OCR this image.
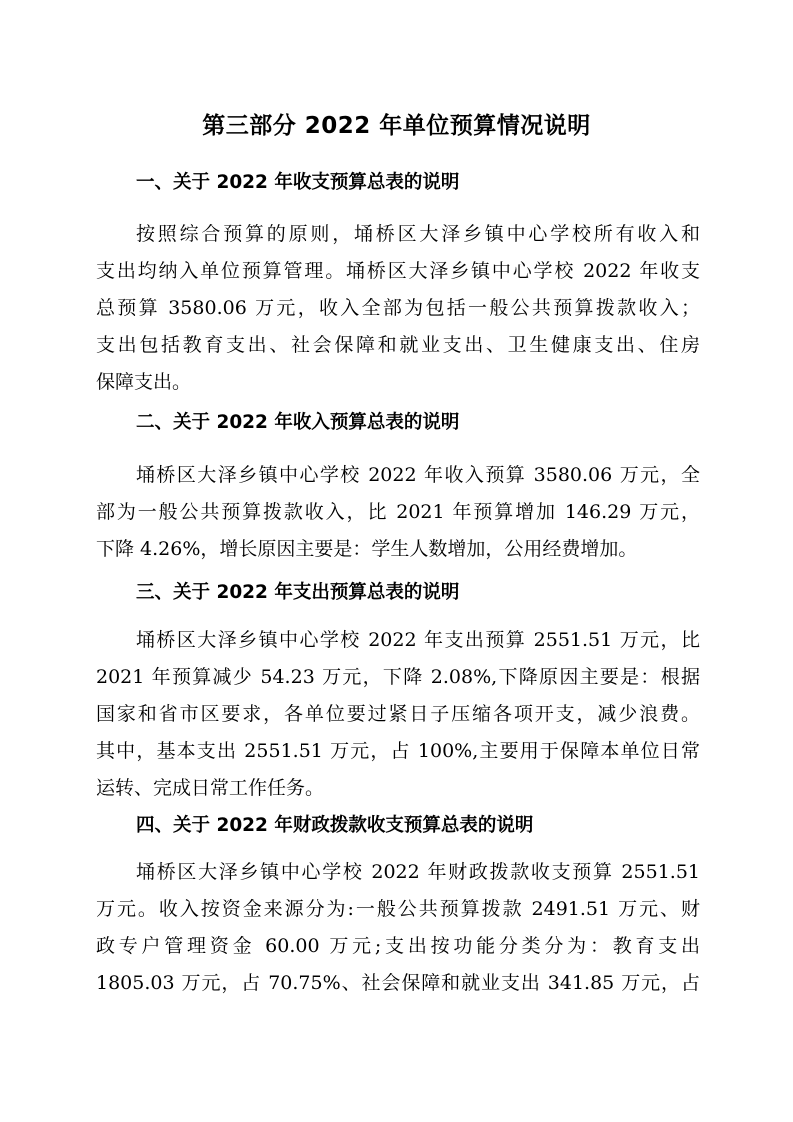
第三部分 2022 年单位预算情况说明
一、关于 2022 年收支预算总表的说明
按照综合预算的原则，埇桥区大泽乡镇中心学校所有收入和
支出均纳入单位预算管理。埇桥区大泽乡镇中心学校 2022 年收支
总预算 3580.06 万元，收入全部为包括一般公共预算拨款收入；
支出包括教育支出、社会保障和就业支出、卫生健康支出、住房
保障支出。
二、关于 2022 年收入预算总表的说明
埇桥区大泽乡镇中心学校 2022 年收入预算 3580.06 万元，全
部为一般公共预算拨款收入，比 2021 年预算增加 146.29 万元，
下降 4.26%，增长原因主要是：学生人数增加，公用经费增加。
三、关于 2022 年支出预算总表的说明
埇桥区大泽乡镇中心学校 2022 年支出预算 2551.51 万元，比
2021 年预算减少 54.23 万元，下降 2.08%,下降原因主要是：根据
国家和省市区要求，各单位要过紧日子压缩各项开支，减少浪费。
其中，基本支出 2551.51 万元，占 100%,主要用于保障本单位日常
运转、完成日常工作任务。
四、关于 2022 年财政拨款收支预算总表的说明
埇桥区大泽乡镇中心学校 2022 年财政拨款收支预算 2551.51
万元。收入按资金来源分为:一般公共预算拨款 2491.51 万元、财
政专户管理资金 60.00 万元;支出按功能分类分为：教育支出
1805.03 万元，占 70.75%、社会保障和就业支出 341.85 万元，占
